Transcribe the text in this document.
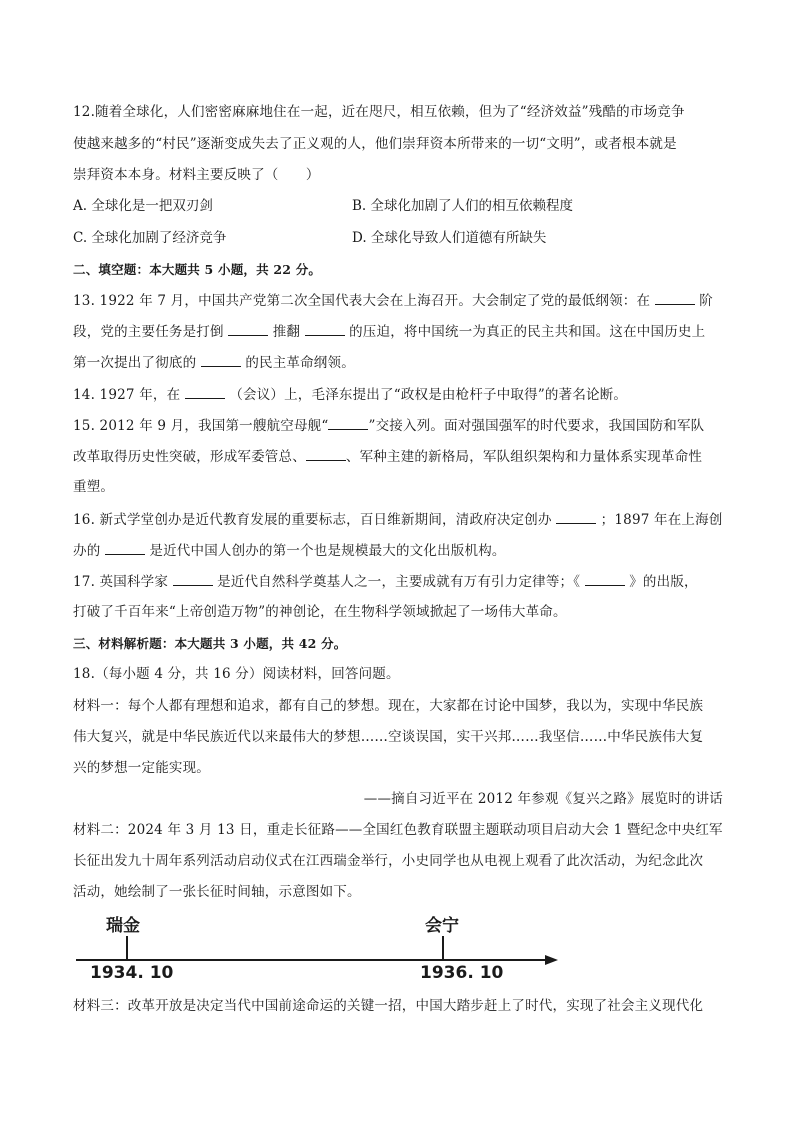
12.随着全球化，人们密密麻麻地住在一起，近在咫尺，相互依赖，但为了“经济效益”残酷的市场竞争
使越来越多的“村民”逐渐变成失去了正义观的人，他们崇拜资本所带来的一切“文明”，或者根本就是
崇拜资本本身。材料主要反映了（　　）
A. 全球化是一把双刃剑	B. 全球化加剧了人们的相互依赖程度
C. 全球化加剧了经济竞争	D. 全球化导致人们道德有所缺失
二、填空题：本大题共 5 小题，共 22 分。
13. 1922 年 7 月，中国共产党第二次全国代表大会在上海召开。大会制定了党的最低纲领：在	阶
段，党的主要任务是打倒	推翻	的压迫，将中国统一为真正的民主共和国。这在中国历史上
第一次提出了彻底的	的民主革命纲领。
14. 1927 年，在	（会议）上，毛泽东提出了“政权是由枪杆子中取得”的著名论断。
15. 2012 年 9 月，我国第一艘航空母舰“	”交接入列。面对强国强军的时代要求，我国国防和军队
改革取得历史性突破，形成军委管总、	、军种主建的新格局，军队组织架构和力量体系实现革命性
重塑。
16. 新式学堂创办是近代教育发展的重要标志，百日维新期间，清政府决定创办	；1897 年在上海创
办的	是近代中国人创办的第一个也是规模最大的文化出版机构。
17. 英国科学家	是近代自然科学奠基人之一，主要成就有万有引力定律等；《	》的出版，
打破了千百年来“上帝创造万物”的神创论，在生物科学领域掀起了一场伟大革命。
三、材料解析题：本大题共 3 小题，共 42 分。
18.（每小题 4 分，共 16 分）阅读材料，回答问题。
材料一：每个人都有理想和追求，都有自己的梦想。现在，大家都在讨论中国梦，我以为，实现中华民族
伟大复兴，就是中华民族近代以来最伟大的梦想……空谈误国，实干兴邦……我坚信……中华民族伟大复
兴的梦想一定能实现。
——摘自习近平在 2012 年参观《复兴之路》展览时的讲话
材料二：2024 年 3 月 13 日，重走长征路——全国红色教育联盟主题联动项目启动大会 1 暨纪念中央红军
长征出发九十周年系列活动启动仪式在江西瑞金举行，小史同学也从电视上观看了此次活动，为纪念此次
活动，她绘制了一张长征时间轴，示意图如下。
瑞金	会宁
1934. 10	1936. 10
材料三：改革开放是决定当代中国前途命运的关键一招，中国大踏步赶上了时代，实现了社会主义现代化
